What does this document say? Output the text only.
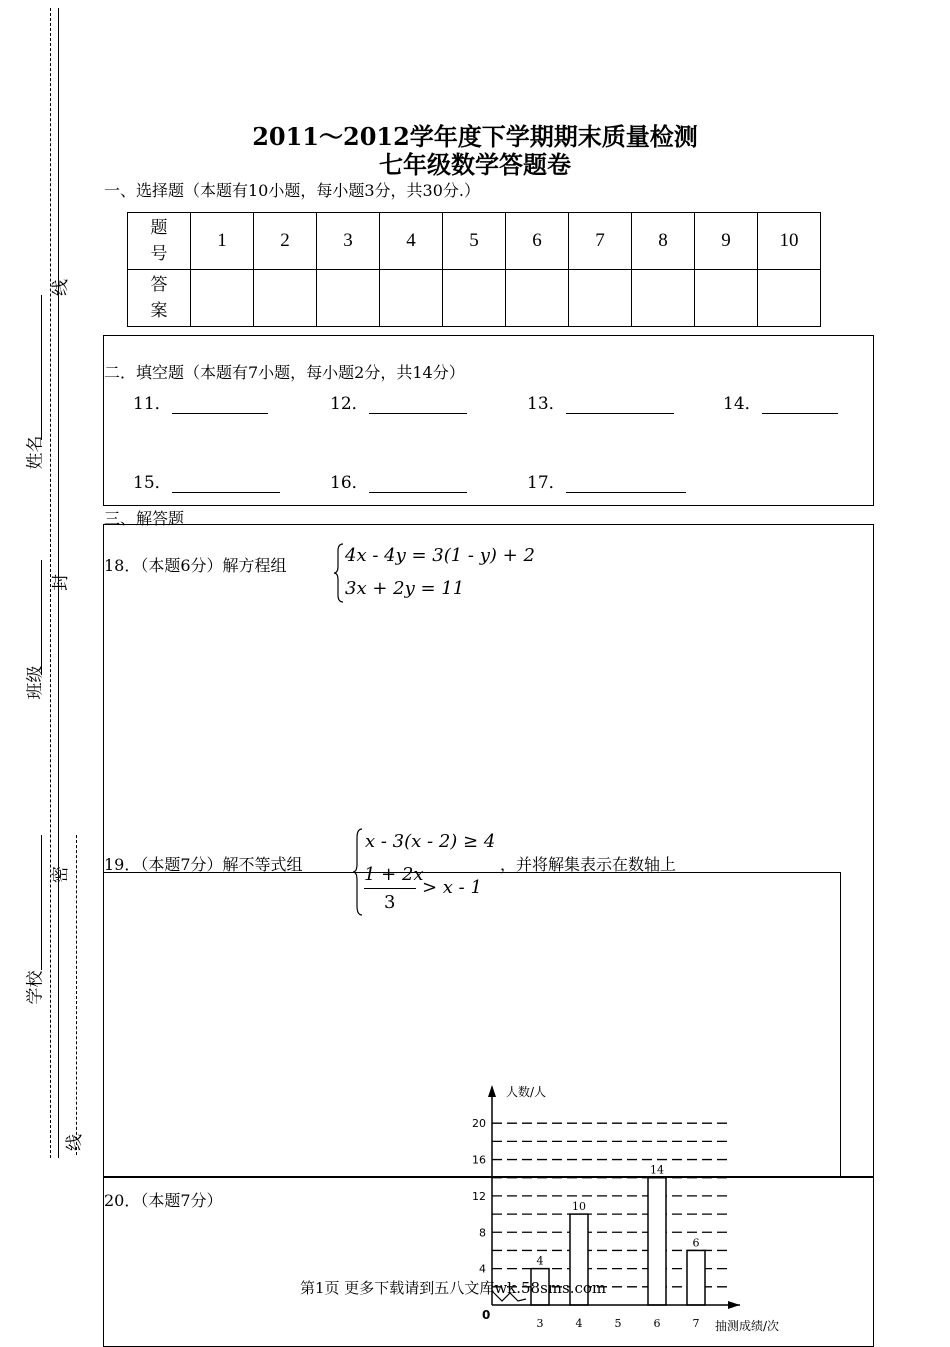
线
姓名
封
班级
密
学校
线
2011～2012学年度下学期期末质量检测
七年级数学答题卷
一、选择题（本题有10小题，每小题3分，共30分.）
题
号	1	2	3	4	5	6	7	8	9	10

答
案										

二．填空题（本题有7小题，每小题2分，共14分）
11．	12．	13．	14．
15．	16．	17．
三、解答题
18．（本题6分）解方程组	4x - 4y = 3(1 - y) + 2
3x + 2y = 11
19．（本题7分）解不等式组
x - 3(x - 2) ≥ 4
1 + 2x
3
> x - 1
，并将解集表示在数轴上
20．（本题7分）
4
10
14
6
4
8
12
16
20
人数/人
抽测成绩/次
0
3	4	5	6	7
第1页 更多下载请到五八文库wk.58sms.com
